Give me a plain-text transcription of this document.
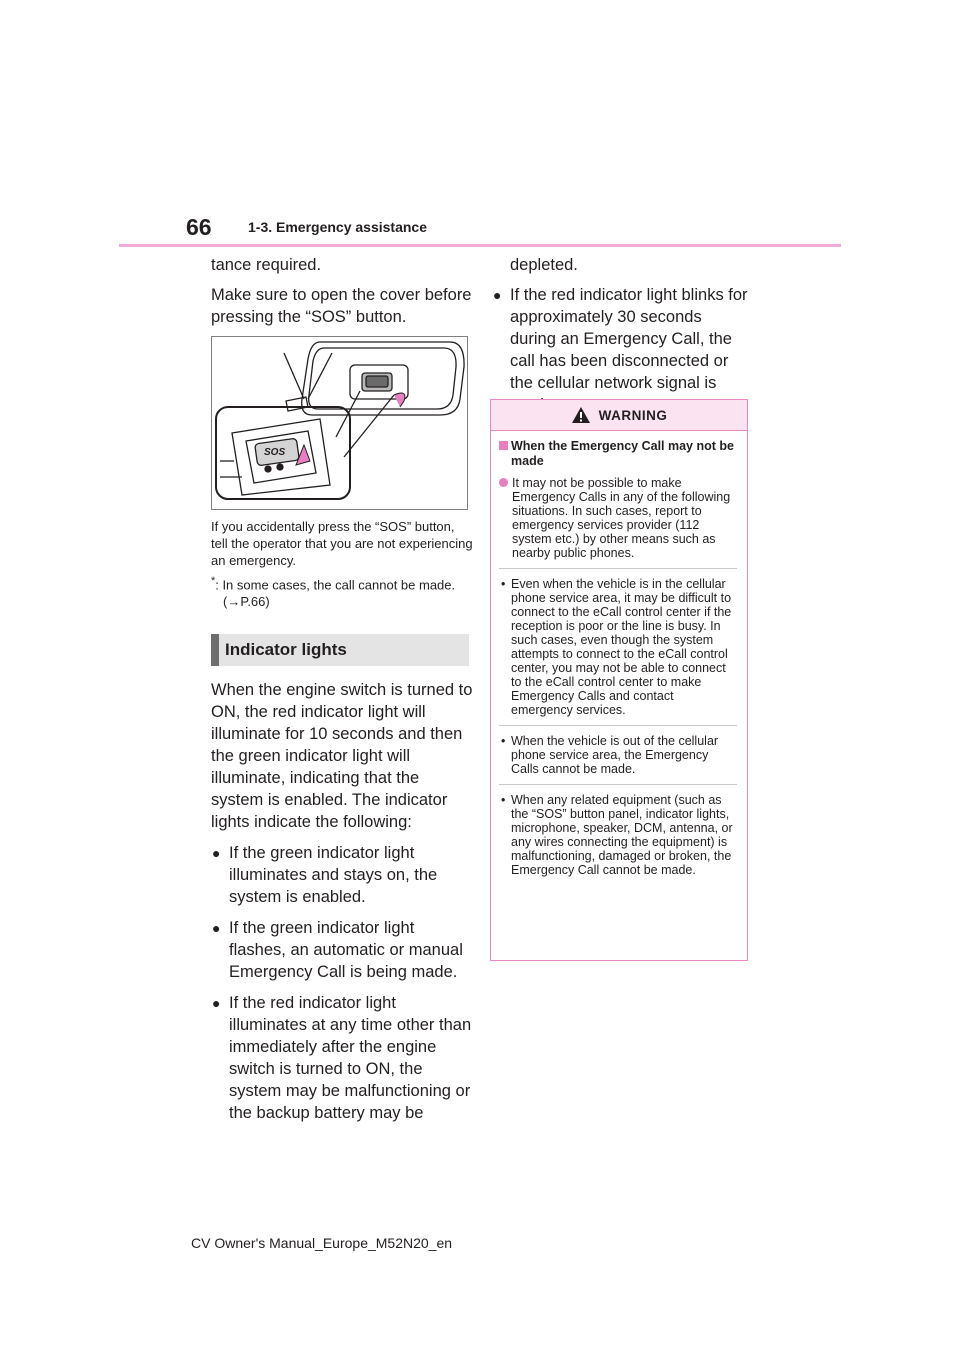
66	1-3. Emergency assistance

tance required.

Make sure to open the cover before pressing the “SOS” button.

SOS

If you accidentally press the “SOS” button, tell the operator that you are not experiencing an emergency.

*: In some cases, the call cannot be made. (→P.66)

Indicator lights

When the engine switch is turned to ON, the red indicator light will illuminate for 10 seconds and then the green indicator light will illuminate, indicating that the system is enabled. The indicator lights indicate the following:

● If the green indicator light illuminates and stays on, the system is enabled.
● If the green indicator light flashes, an automatic or manual Emergency Call is being made.
● If the red indicator light illuminates at any time other than immediately after the engine switch is turned to ON, the system may be malfunctioning or the backup battery may be

depleted.

● If the red indicator light blinks for approximately 30 seconds during an Emergency Call, the call has been disconnected or the cellular network signal is
WARNING
When the Emergency Call may not be made
It may not be possible to make Emergency Calls in any of the following situations. In such cases, report to emergency services provider (112 system etc.) by other means such as nearby public phones.
• Even when the vehicle is in the cellular phone service area, it may be difficult to connect to the eCall control center if the reception is poor or the line is busy. In such cases, even though the system attempts to connect to the eCall control center, you may not be able to connect to the eCall control center to make Emergency Calls and contact emergency services.
• When the vehicle is out of the cellular phone service area, the Emergency Calls cannot be made.
• When any related equipment (such as the “SOS” button panel, indicator lights, microphone, speaker, DCM, antenna, or any wires connecting the equipment) is malfunctioning, damaged or broken, the Emergency Call cannot be made.
CV Owner's Manual_Europe_M52N20_en
